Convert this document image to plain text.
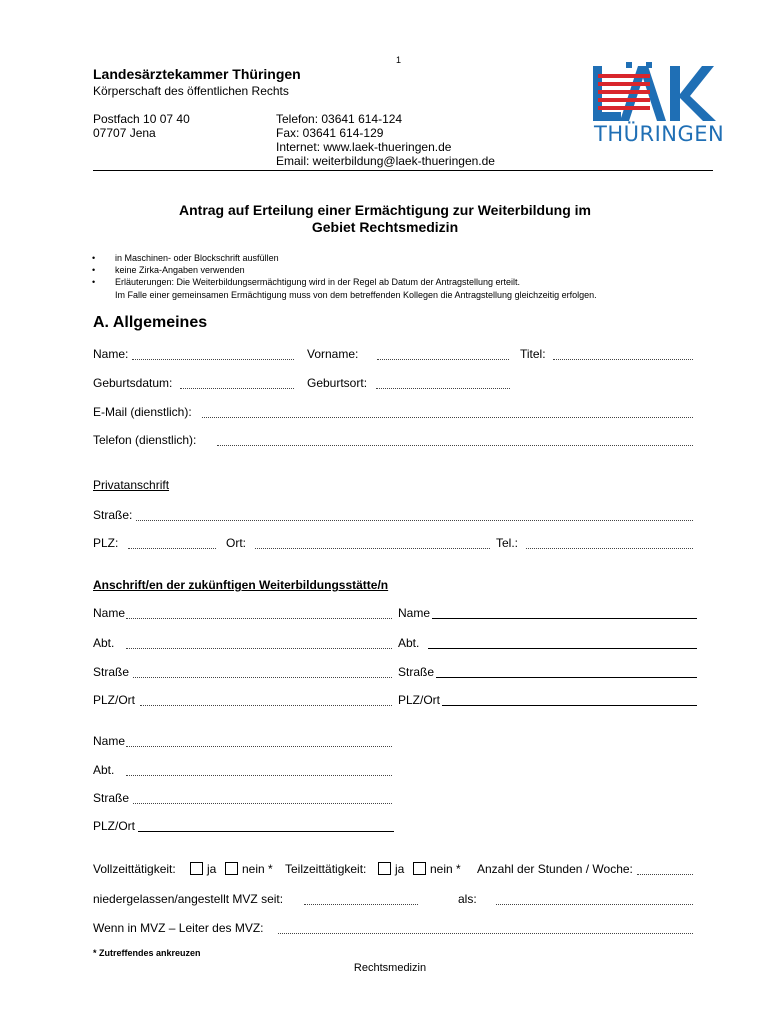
1
Landesärztekammer Thüringen
Körperschaft des öffentlichen Rechts
Postfach 10 07 40
07707 Jena
Telefon: 03641 614-124
Fax: 03641 614-129
Internet: www.laek-thueringen.de
Email: weiterbildung@laek-thueringen.de
THÜRINGEN
Antrag auf Erteilung einer Ermächtigung zur Weiterbildung im
Gebiet Rechtsmedizin
• in Maschinen- oder Blockschrift ausfüllen
• keine Zirka-Angaben verwenden
• Erläuterungen: Die Weiterbildungsermächtigung wird in der Regel ab Datum der Antragstellung erteilt.
Im Falle einer gemeinsamen Ermächtigung muss von dem betreffenden Kollegen die Antragstellung gleichzeitig erfolgen.
A. Allgemeines
Name:	Vorname:	Titel:
Geburtsdatum:	Geburtsort:
E-Mail (dienstlich):
Telefon (dienstlich):
Privatanschrift
Straße:
PLZ:	Ort:	Tel.:
Anschrift/en der zukünftigen Weiterbildungsstätte/n
Name	Name
Abt.	Abt.
Straße	Straße
PLZ/Ort	PLZ/Ort
Name
Abt.
Straße
PLZ/Ort
Vollzeittätigkeit:	ja nein * Teilzeittätigkeit: ja nein * Anzahl der Stunden / Woche:
niedergelassen/angestellt MVZ seit:	als:
Wenn in MVZ – Leiter des MVZ:
* Zutreffendes ankreuzen
Rechtsmedizin
